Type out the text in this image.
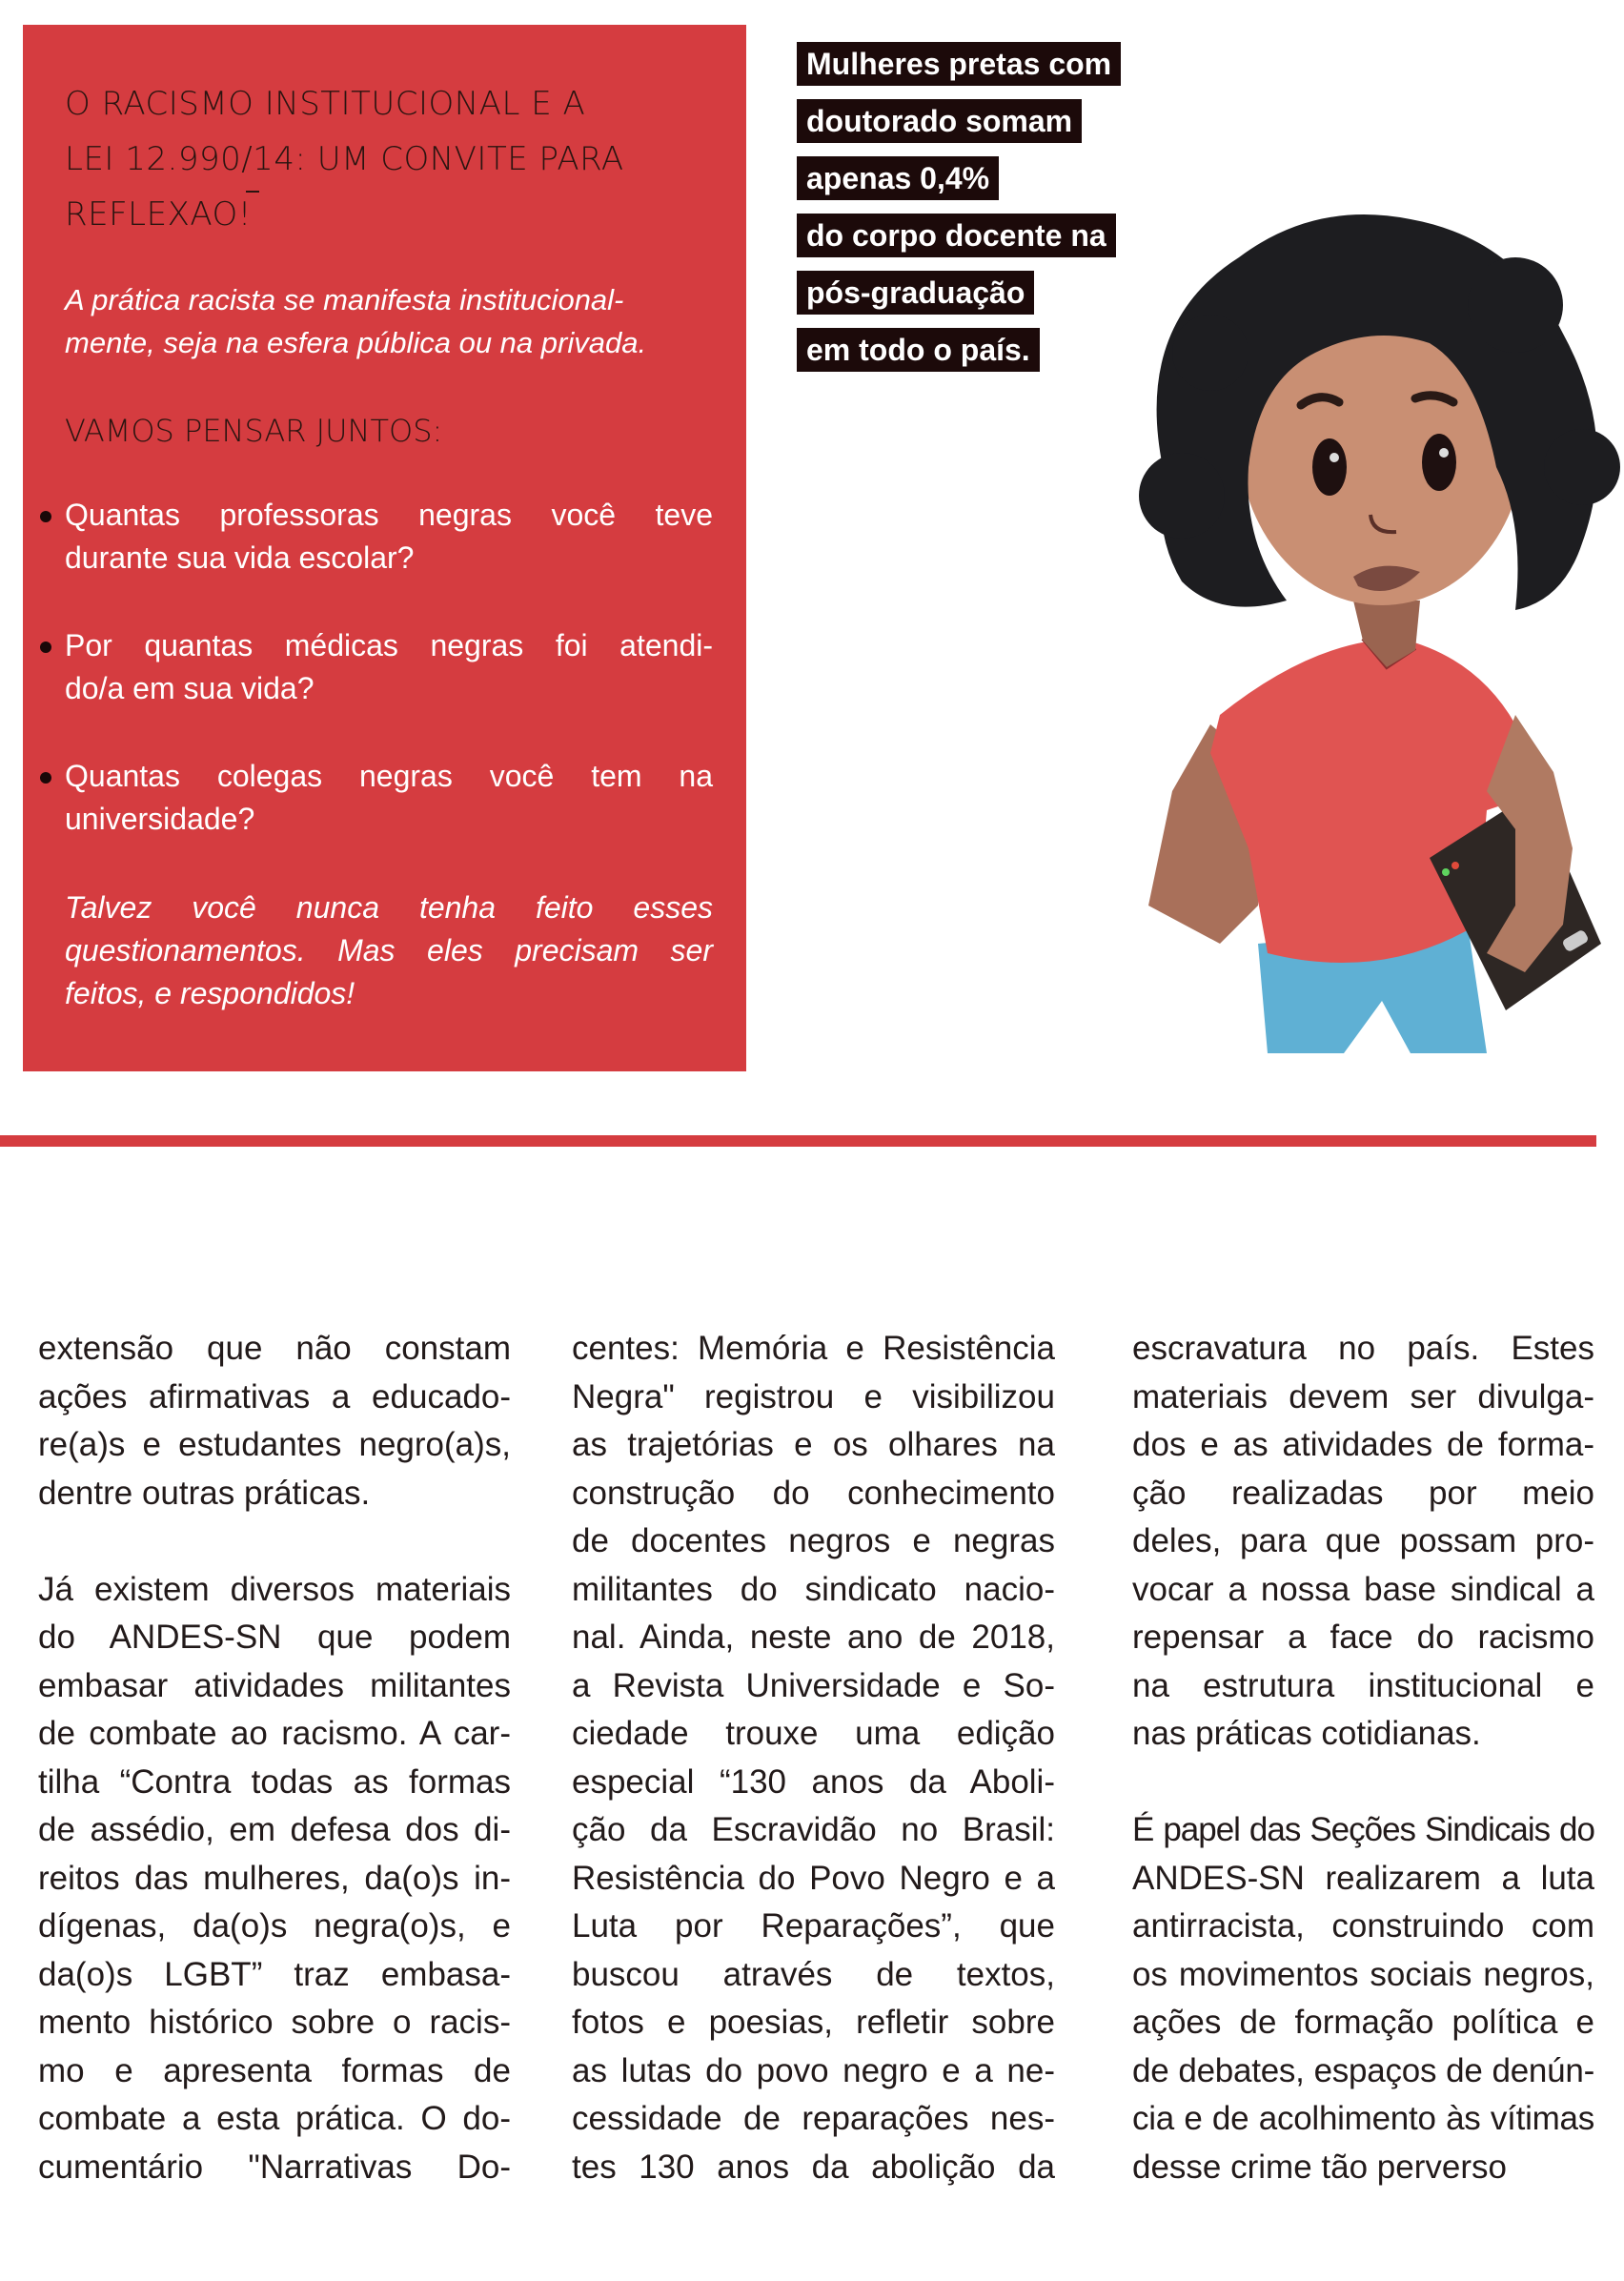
O RACISMO INSTITUCIONAL E A
LEI 12.990/14: UM CONVITE PARA
REFLEXAO!
A prática racista se manifesta institucional-
mente, seja na esfera pública ou na privada.
VAMOS PENSAR JUNTOS:
Quantas professoras negras você teve
durante sua vida escolar?
Por quantas médicas negras foi atendi-
do/a em sua vida?
Quantas colegas negras você tem na
universidade?
Talvez você nunca tenha feito esses
questionamentos. Mas eles precisam ser
feitos, e respondidos!
Mulheres pretas com
doutorado somam
apenas 0,4%
do corpo docente na
pós-graduação
em todo o país.
extensão que não constam
ações afirmativas a educado-
re(a)s e estudantes negro(a)s,
dentre outras práticas.
Já existem diversos materiais
do ANDES-SN que podem
embasar atividades militantes
de combate ao racismo. A car-
tilha “Contra todas as formas
de assédio, em defesa dos di-
reitos das mulheres, da(o)s in-
dígenas, da(o)s negra(o)s, e
da(o)s LGBT” traz embasa-
mento histórico sobre o racis-
mo e apresenta formas de
combate a esta prática. O do-
cumentário "Narrativas Do-
centes: Memória e Resistência
Negra" registrou e visibilizou
as trajetórias e os olhares na
construção do conhecimento
de docentes negros e negras
militantes do sindicato nacio-
nal. Ainda, neste ano de 2018,
a Revista Universidade e So-
ciedade trouxe uma edição
especial “130 anos da Aboli-
ção da Escravidão no Brasil:
Resistência do Povo Negro e a
Luta por Reparações”, que
buscou através de textos,
fotos e poesias, refletir sobre
as lutas do povo negro e a ne-
cessidade de reparações nes-
tes 130 anos da abolição da
escravatura no país. Estes
materiais devem ser divulga-
dos e as atividades de forma-
ção realizadas por meio
deles, para que possam pro-
vocar a nossa base sindical a
repensar a face do racismo
na estrutura institucional e
nas práticas cotidianas.
É papel das Seções Sindicais do
ANDES-SN realizarem a luta
antirracista, construindo com
os movimentos sociais negros,
ações de formação política e
de debates, espaços de denún-
cia e de acolhimento às vítimas
desse crime tão perverso
